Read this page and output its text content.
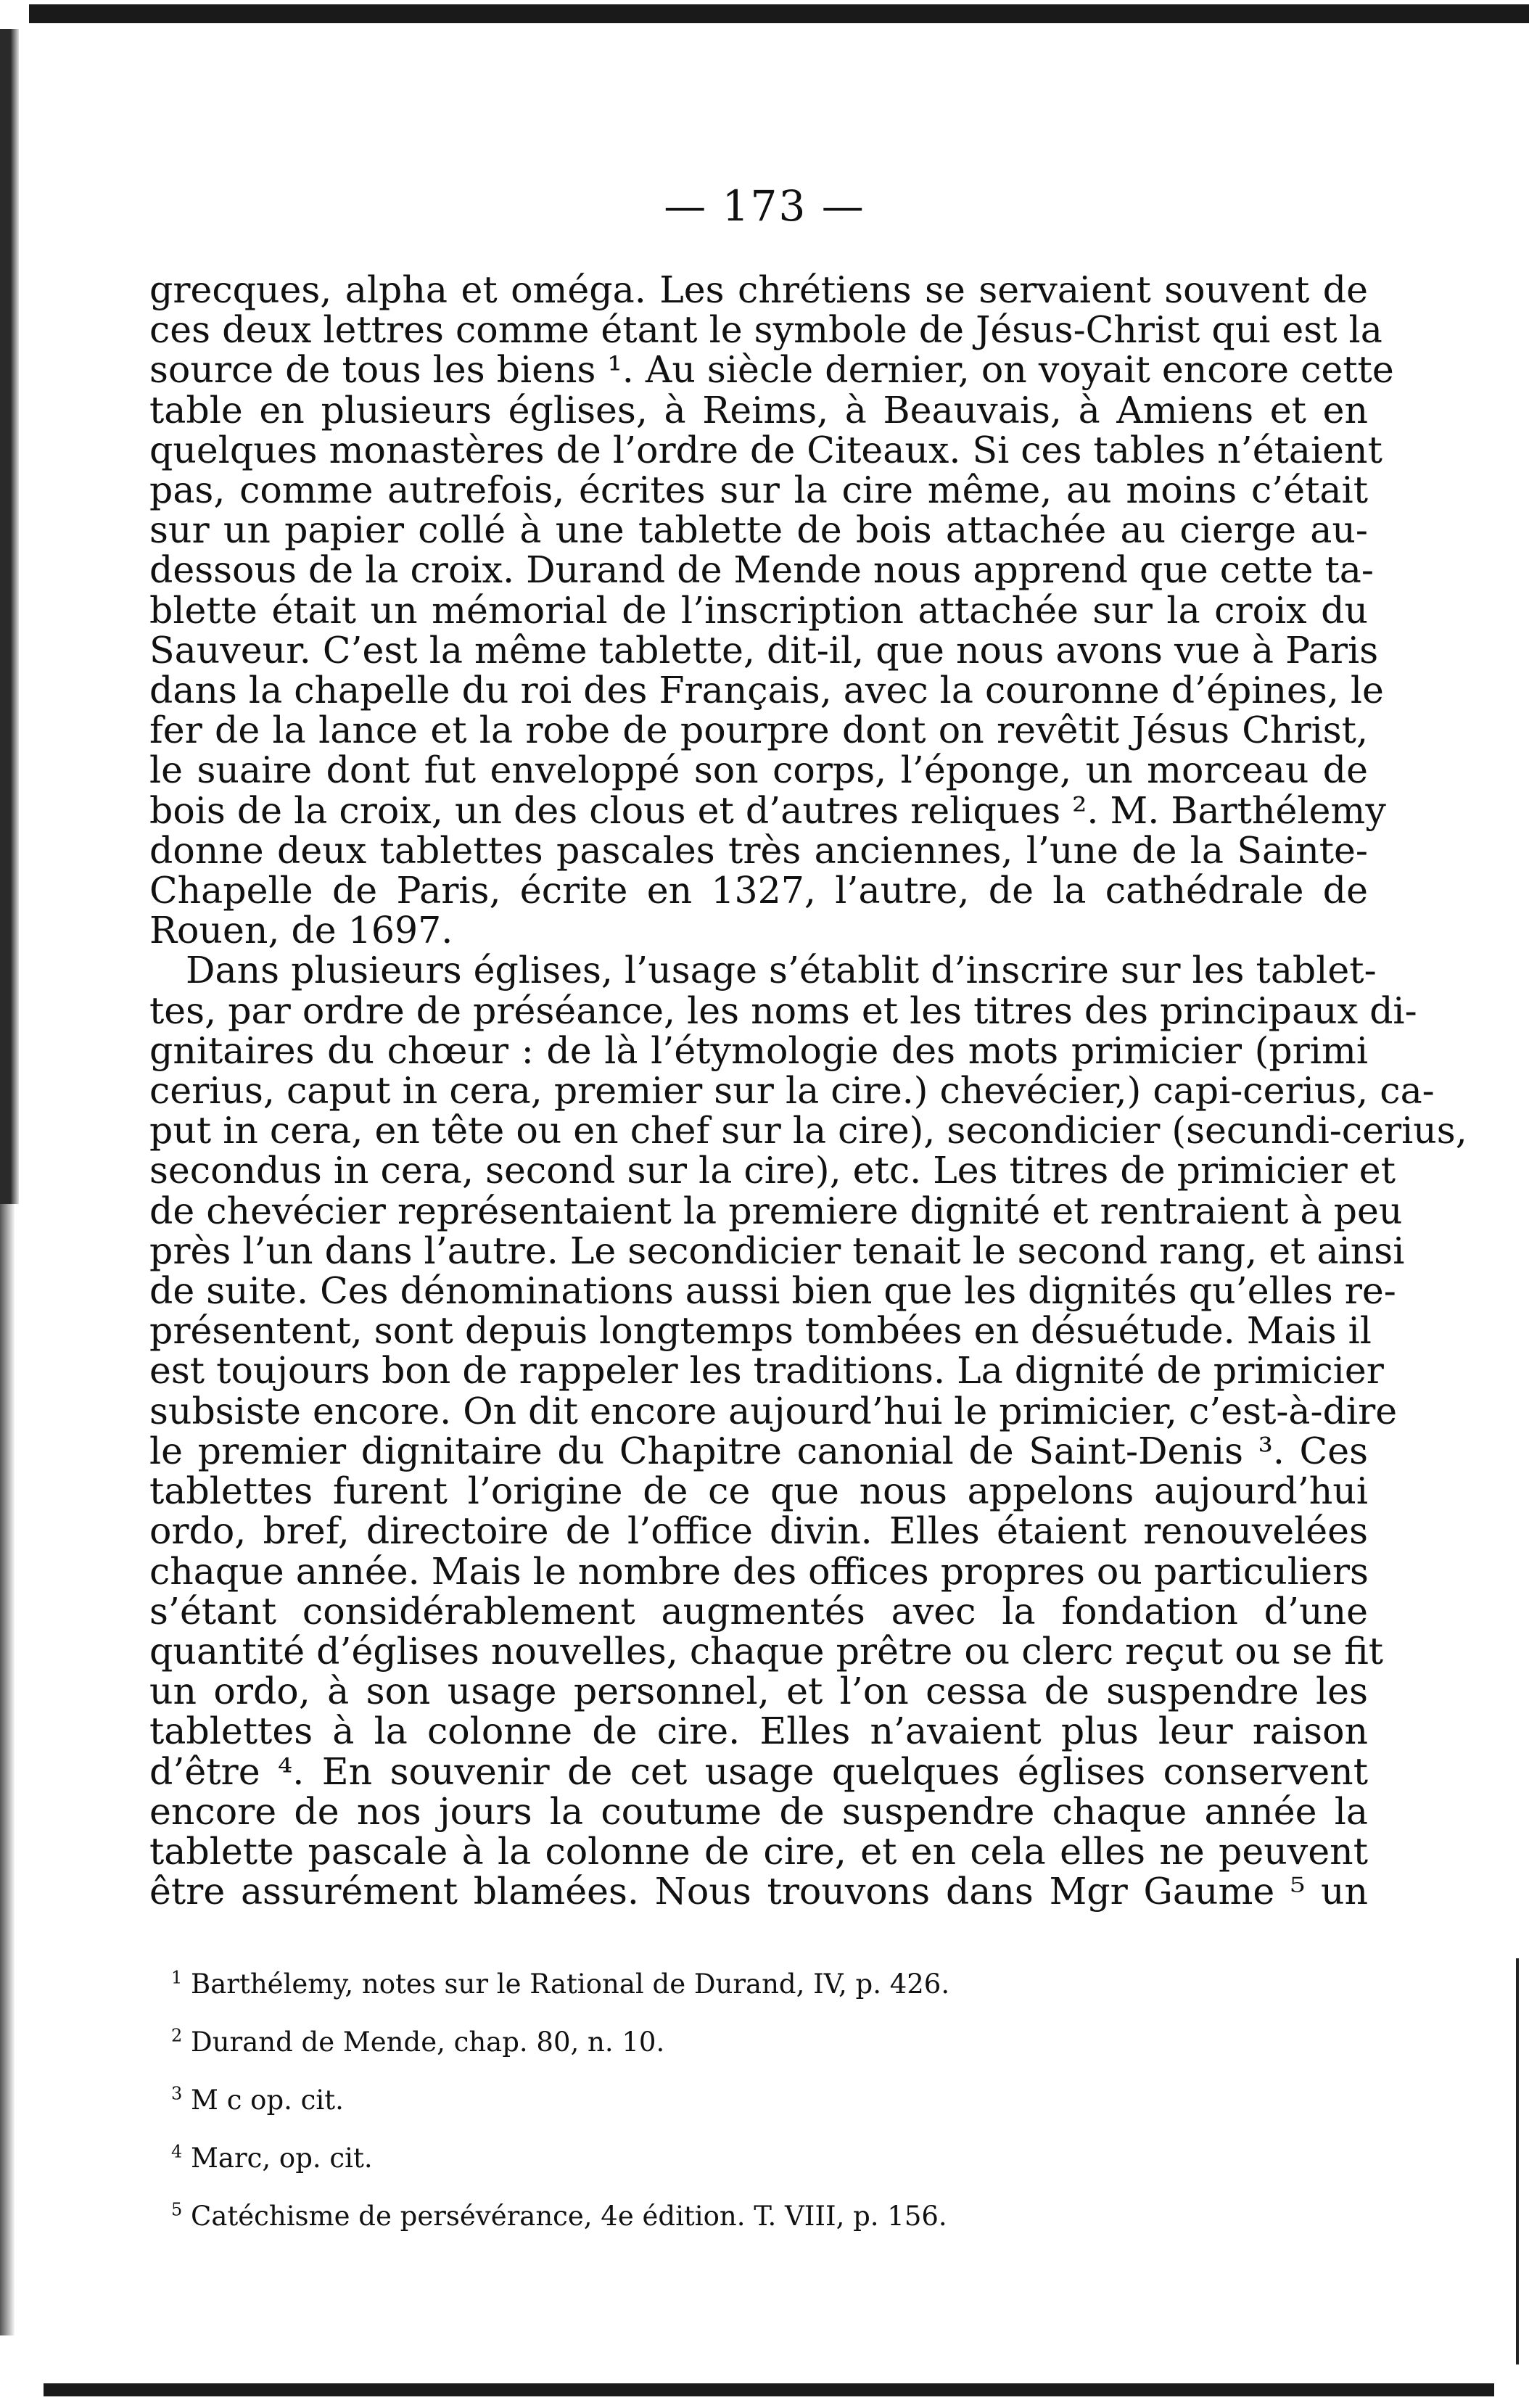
— 173 —
grecques, alpha et oméga. Les chrétiens se servaient souvent de
ces deux lettres comme étant le symbole de Jésus-Christ qui est la
source de tous les biens ¹. Au siècle dernier, on voyait encore cette
table en plusieurs églises, à Reims, à Beauvais, à Amiens et en
quelques monastères de l’ordre de Citeaux. Si ces tables n’étaient
pas, comme autrefois, écrites sur la cire même, au moins c’était
sur un papier collé à une tablette de bois attachée au cierge au-
dessous de la croix. Durand de Mende nous apprend que cette ta-
blette était un mémorial de l’inscription attachée sur la croix du
Sauveur. C’est la même tablette, dit-il, que nous avons vue à Paris
dans la chapelle du roi des Français, avec la couronne d’épines, le
fer de la lance et la robe de pourpre dont on revêtit Jésus Christ,
le suaire dont fut enveloppé son corps, l’éponge, un morceau de
bois de la croix, un des clous et d’autres reliques ². M. Barthélemy
donne deux tablettes pascales très anciennes, l’une de la Sainte-
Chapelle de Paris, écrite en 1327, l’autre, de la cathédrale de
Rouen, de 1697.
Dans plusieurs églises, l’usage s’établit d’inscrire sur les tablet-
tes, par ordre de préséance, les noms et les titres des principaux di-
gnitaires du chœur : de là l’étymologie des mots primicier (primi
cerius, caput in cera, premier sur la cire.) chevécier,) capi-cerius, ca-
put in cera, en tête ou en chef sur la cire), secondicier (secundi-cerius,
secondus in cera, second sur la cire), etc. Les titres de primicier et
de chevécier représentaient la premiere dignité et rentraient à peu
près l’un dans l’autre. Le secondicier tenait le second rang, et ainsi
de suite. Ces dénominations aussi bien que les dignités qu’elles re-
présentent, sont depuis longtemps tombées en désuétude. Mais il
est toujours bon de rappeler les traditions. La dignité de primicier
subsiste encore. On dit encore aujourd’hui le primicier, c’est-à-dire
le premier dignitaire du Chapitre canonial de Saint-Denis ³. Ces
tablettes furent l’origine de ce que nous appelons aujourd’hui
ordo, bref, directoire de l’office divin. Elles étaient renouvelées
chaque année. Mais le nombre des offices propres ou particuliers
s’étant considérablement augmentés avec la fondation d’une
quantité d’églises nouvelles, chaque prêtre ou clerc reçut ou se fit
un ordo, à son usage personnel, et l’on cessa de suspendre les
tablettes à la colonne de cire. Elles n’avaient plus leur raison
d’être ⁴. En souvenir de cet usage quelques églises conservent
encore de nos jours la coutume de suspendre chaque année la
tablette pascale à la colonne de cire, et en cela elles ne peuvent
être assurément blamées. Nous trouvons dans Mgr Gaume ⁵ un
$^1$ Barthélemy, notes sur le Rational de Durand, IV, p. 426.
$^2$ Durand de Mende, chap. 80, n. 10.
$^3$ M c op. cit.
$^4$ Marc, op. cit.
$^5$ Catéchisme de persévérance, 4e édition. T. VIII, p. 156.
